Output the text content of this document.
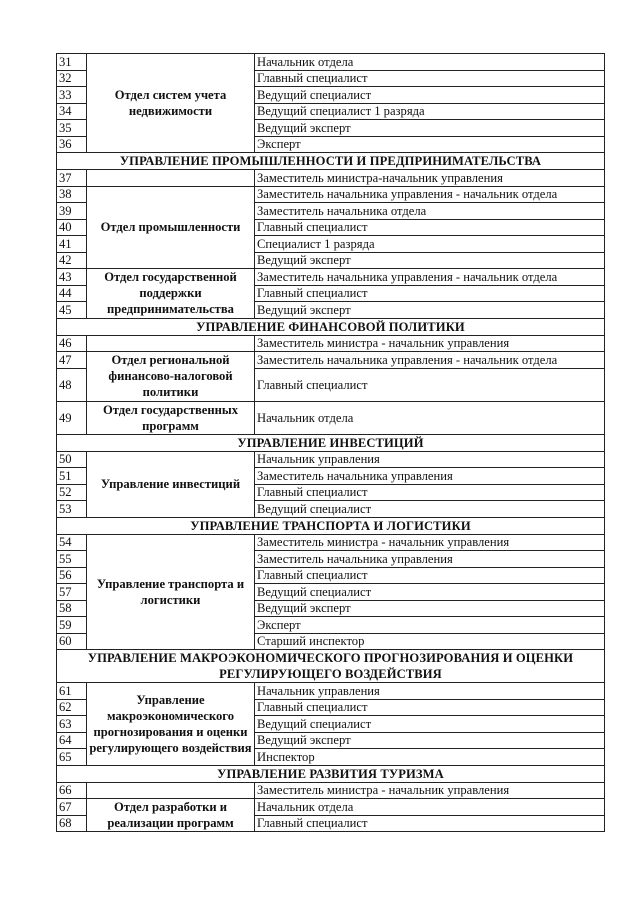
31	Отдел систем учета недвижимости	Начальник отдела
32		Главный специалист
33		Ведущий специалист
34		Ведущий специалист 1 разряда
35		Ведущий эксперт
36		Эксперт
УПРАВЛЕНИЕ ПРОМЫШЛЕННОСТИ И ПРЕДПРИНИМАТЕЛЬСТВА		
37		Заместитель министра-начальник управления
38	Отдел промышленности	Заместитель начальника управления - начальник отдела
39		Заместитель начальника отдела
40		Главный специалист
41		Специалист 1 разряда
42		Ведущий эксперт
43	Отдел государственной поддержки предпринимательства	Заместитель начальника управления - начальник отдела
44		Главный специалист
45		Ведущий эксперт
УПРАВЛЕНИЕ ФИНАНСОВОЙ ПОЛИТИКИ		
46		Заместитель министра - начальник управления
47	Отдел региональной финансово-налоговой политики	Заместитель начальника управления - начальник отдела
48		Главный специалист
49	Отдел государственных программ	Начальник отдела
УПРАВЛЕНИЕ ИНВЕСТИЦИЙ		
50	Управление инвестиций	Начальник управления
51		Заместитель начальника управления
52		Главный специалист
53		Ведущий специалист
УПРАВЛЕНИЕ ТРАНСПОРТА И ЛОГИСТИКИ		
54	Управление транспорта и логистики	Заместитель министра - начальник управления
55		Заместитель начальника управления
56		Главный специалист
57		Ведущий специалист
58		Ведущий эксперт
59		Эксперт
60		Старший инспектор
УПРАВЛЕНИЕ МАКРОЭКОНОМИЧЕСКОГО ПРОГНОЗИРОВАНИЯ И ОЦЕНКИ РЕГУЛИРУЮЩЕГО ВОЗДЕЙСТВИЯ		
61	Управление макроэкономического прогнозирования и оценки регулирующего воздействия	Начальник управления
62		Главный специалист
63		Ведущий специалист
64		Ведущий эксперт
65		Инспектор
УПРАВЛЕНИЕ РАЗВИТИЯ ТУРИЗМА		
66		Заместитель министра - начальник управления
67	Отдел разработки и реализации программ	Начальник отдела
68		Главный специалист
